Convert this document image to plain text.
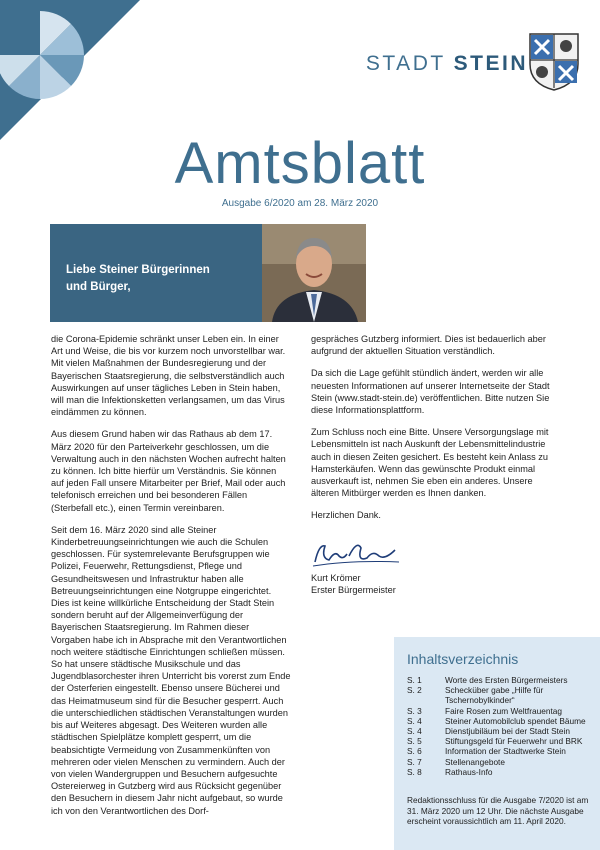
STADT STEIN
Amtsblatt
Ausgabe 6/2020 am 28. März 2020
Liebe Steiner Bürgerinnen
und Bürger,

die Corona-Epidemie schränkt unser Leben ein. In einer Art und Weise, die bis vor kurzem noch unvorstellbar war. Mit vielen Maßnahmen der Bundesregierung und der Bayerischen Staatsregierung, die selbstverständlich auch Auswirkungen auf unser tägliches Leben in Stein haben, will man die Infektionsketten verlangsamen, um das Virus eindämmen zu können.

Aus diesem Grund haben wir das Rathaus ab dem 17. März 2020 für den Parteiverkehr geschlossen, um die Verwaltung auch in den nächsten Wochen aufrecht halten zu können. Ich bitte hierfür um Verständnis. Sie können auf jeden Fall unsere Mitarbeiter per Brief, Mail oder auch telefonisch erreichen und bei besonderen Fällen (Sterbefall etc.), einen Termin vereinbaren.

Seit dem 16. März 2020 sind alle Steiner Kinderbetreuungseinrichtungen wie auch die Schulen geschlossen. Für systemrelevante Berufsgruppen wie Polizei, Feuerwehr, Rettungsdienst, Pflege und Gesundheitswesen und Infrastruktur haben alle Betreuungseinrichtungen eine Notgruppe eingerichtet. Dies ist keine willkürliche Entscheidung der Stadt Stein sondern beruht auf der Allgemeinverfügung der Bayerischen Staatsregierung. Im Rahmen dieser Vorgaben habe ich in Absprache mit den Verantwortlichen noch weitere städtische Einrichtungen schließen müssen. So hat unsere städtische Musikschule und das Jugendblasorchester ihren Unterricht bis vorerst zum Ende der Osterferien eingestellt. Ebenso unsere Bücherei und das Heimatmuseum sind für die Besucher gesperrt. Auch die unterschiedlichen städtischen Veranstaltungen wurden bis auf Weiteres abgesagt. Des Weiteren wurden alle städtischen Spielplätze komplett gesperrt, um die beabsichtigte Vermeidung von Zusammenkünften von mehreren oder vielen Menschen zu vermindern. Auch der von vielen Wandergruppen und Besuchern aufgesuchte Ostereierweg in Gutzberg wird aus Rücksicht gegenüber den Besuchern in diesem Jahr nicht aufgebaut, so wurde ich von den Verantwortlichen des Dorf-

gespräches Gutzberg informiert. Dies ist bedauerlich aber aufgrund der aktuellen Situation verständlich.

Da sich die Lage gefühlt stündlich ändert, werden wir alle neuesten Informationen auf unserer Internetseite der Stadt Stein (www.stadt-stein.de) veröffentlichen. Bitte nutzen Sie diese Informationsplattform.

Zum Schluss noch eine Bitte. Unsere Versorgungslage mit Lebensmitteln ist nach Auskunft der Lebensmittelindustrie auch in diesen Zeiten gesichert. Es besteht kein Anlass zu Hamsterkäufen. Wenn das gewünschte Produkt einmal ausverkauft ist, nehmen Sie eben ein anderes. Unsere älteren Mitbürger werden es Ihnen danken.

Herzlichen Dank.

Kurt Krömer
Erster Bürgermeister
Inhaltsverzeichnis
S. 1	Worte des Ersten Bürgermeisters
S. 2	Schecküber gabe „Hilfe für
Tschernobylkinder“
S. 3	Faire Rosen zum Weltfrauentag
S. 4	Steiner Automobilclub spendet Bäume
S. 4	Dienstjubiläum bei der Stadt Stein
S. 5	Stiftungsgeld für Feuerwehr und BRK
S. 6	Information der Stadtwerke Stein
S. 7	Stellenangebote
S. 8	Rathaus-Info
Redaktionsschluss für die Ausgabe 7/2020 ist am 31. März 2020 um 12 Uhr. Die nächste Ausgabe erscheint voraussichtlich am 11. April 2020.
